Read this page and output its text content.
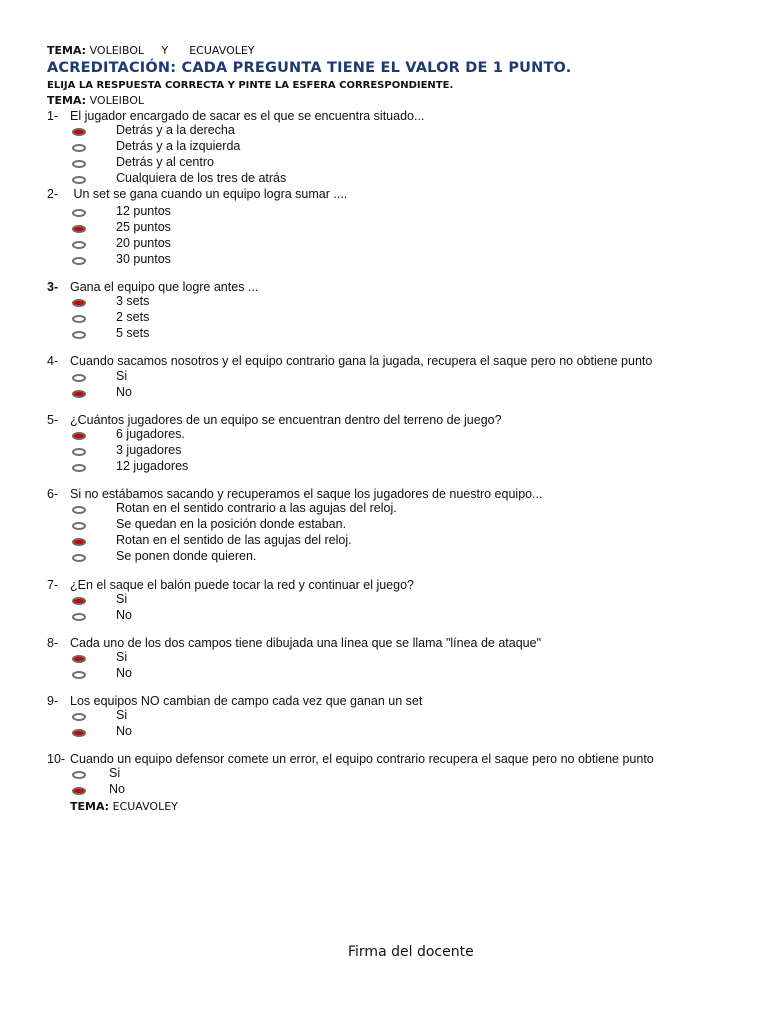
TEMA: VOLEIBOL     Y      ECUAVOLEY
ACREDITACIÓN: CADA PREGUNTA TIENE EL VALOR DE 1 PUNTO.
ELIJA LA RESPUESTA CORRECTA Y PINTE LA ESFERA CORRESPONDIENTE.
TEMA: VOLEIBOL
1- El jugador encargado de sacar es el que se encuentra situado...
Detrás y a la derecha
Detrás y a la izquierda
Detrás y al centro
Cualquiera de los tres de atrás
2- Un set se gana cuando un equipo logra sumar ....
12 puntos
25 puntos
20 puntos
30 puntos
3- Gana el equipo que logre antes ...
3 sets
2 sets
5 sets
4- Cuando sacamos nosotros y el equipo contrario gana la jugada, recupera el saque pero no obtiene punto
Si
No
5- ¿Cuántos jugadores de un equipo se encuentran dentro del terreno de juego?
6 jugadores.
3 jugadores
12 jugadores
6- Si no estábamos sacando y recuperamos el saque los jugadores de nuestro equipo...
Rotan en el sentido contrario a las agujas del reloj.
Se quedan en la posición donde estaban.
Rotan en el sentido de las agujas del reloj.
Se ponen donde quieren.
7- ¿En el saque el balón puede tocar la red y continuar el juego?
Si
No
8- Cada uno de los dos campos tiene dibujada una línea que se llama "línea de ataque"
Si
No
9- Los equipos NO cambian de campo cada vez que ganan un set
Si
No
10- Cuando un equipo defensor comete un error, el equipo contrario recupera el saque pero no obtiene punto
Si
No
TEMA: ECUAVOLEY
Firma del docente
